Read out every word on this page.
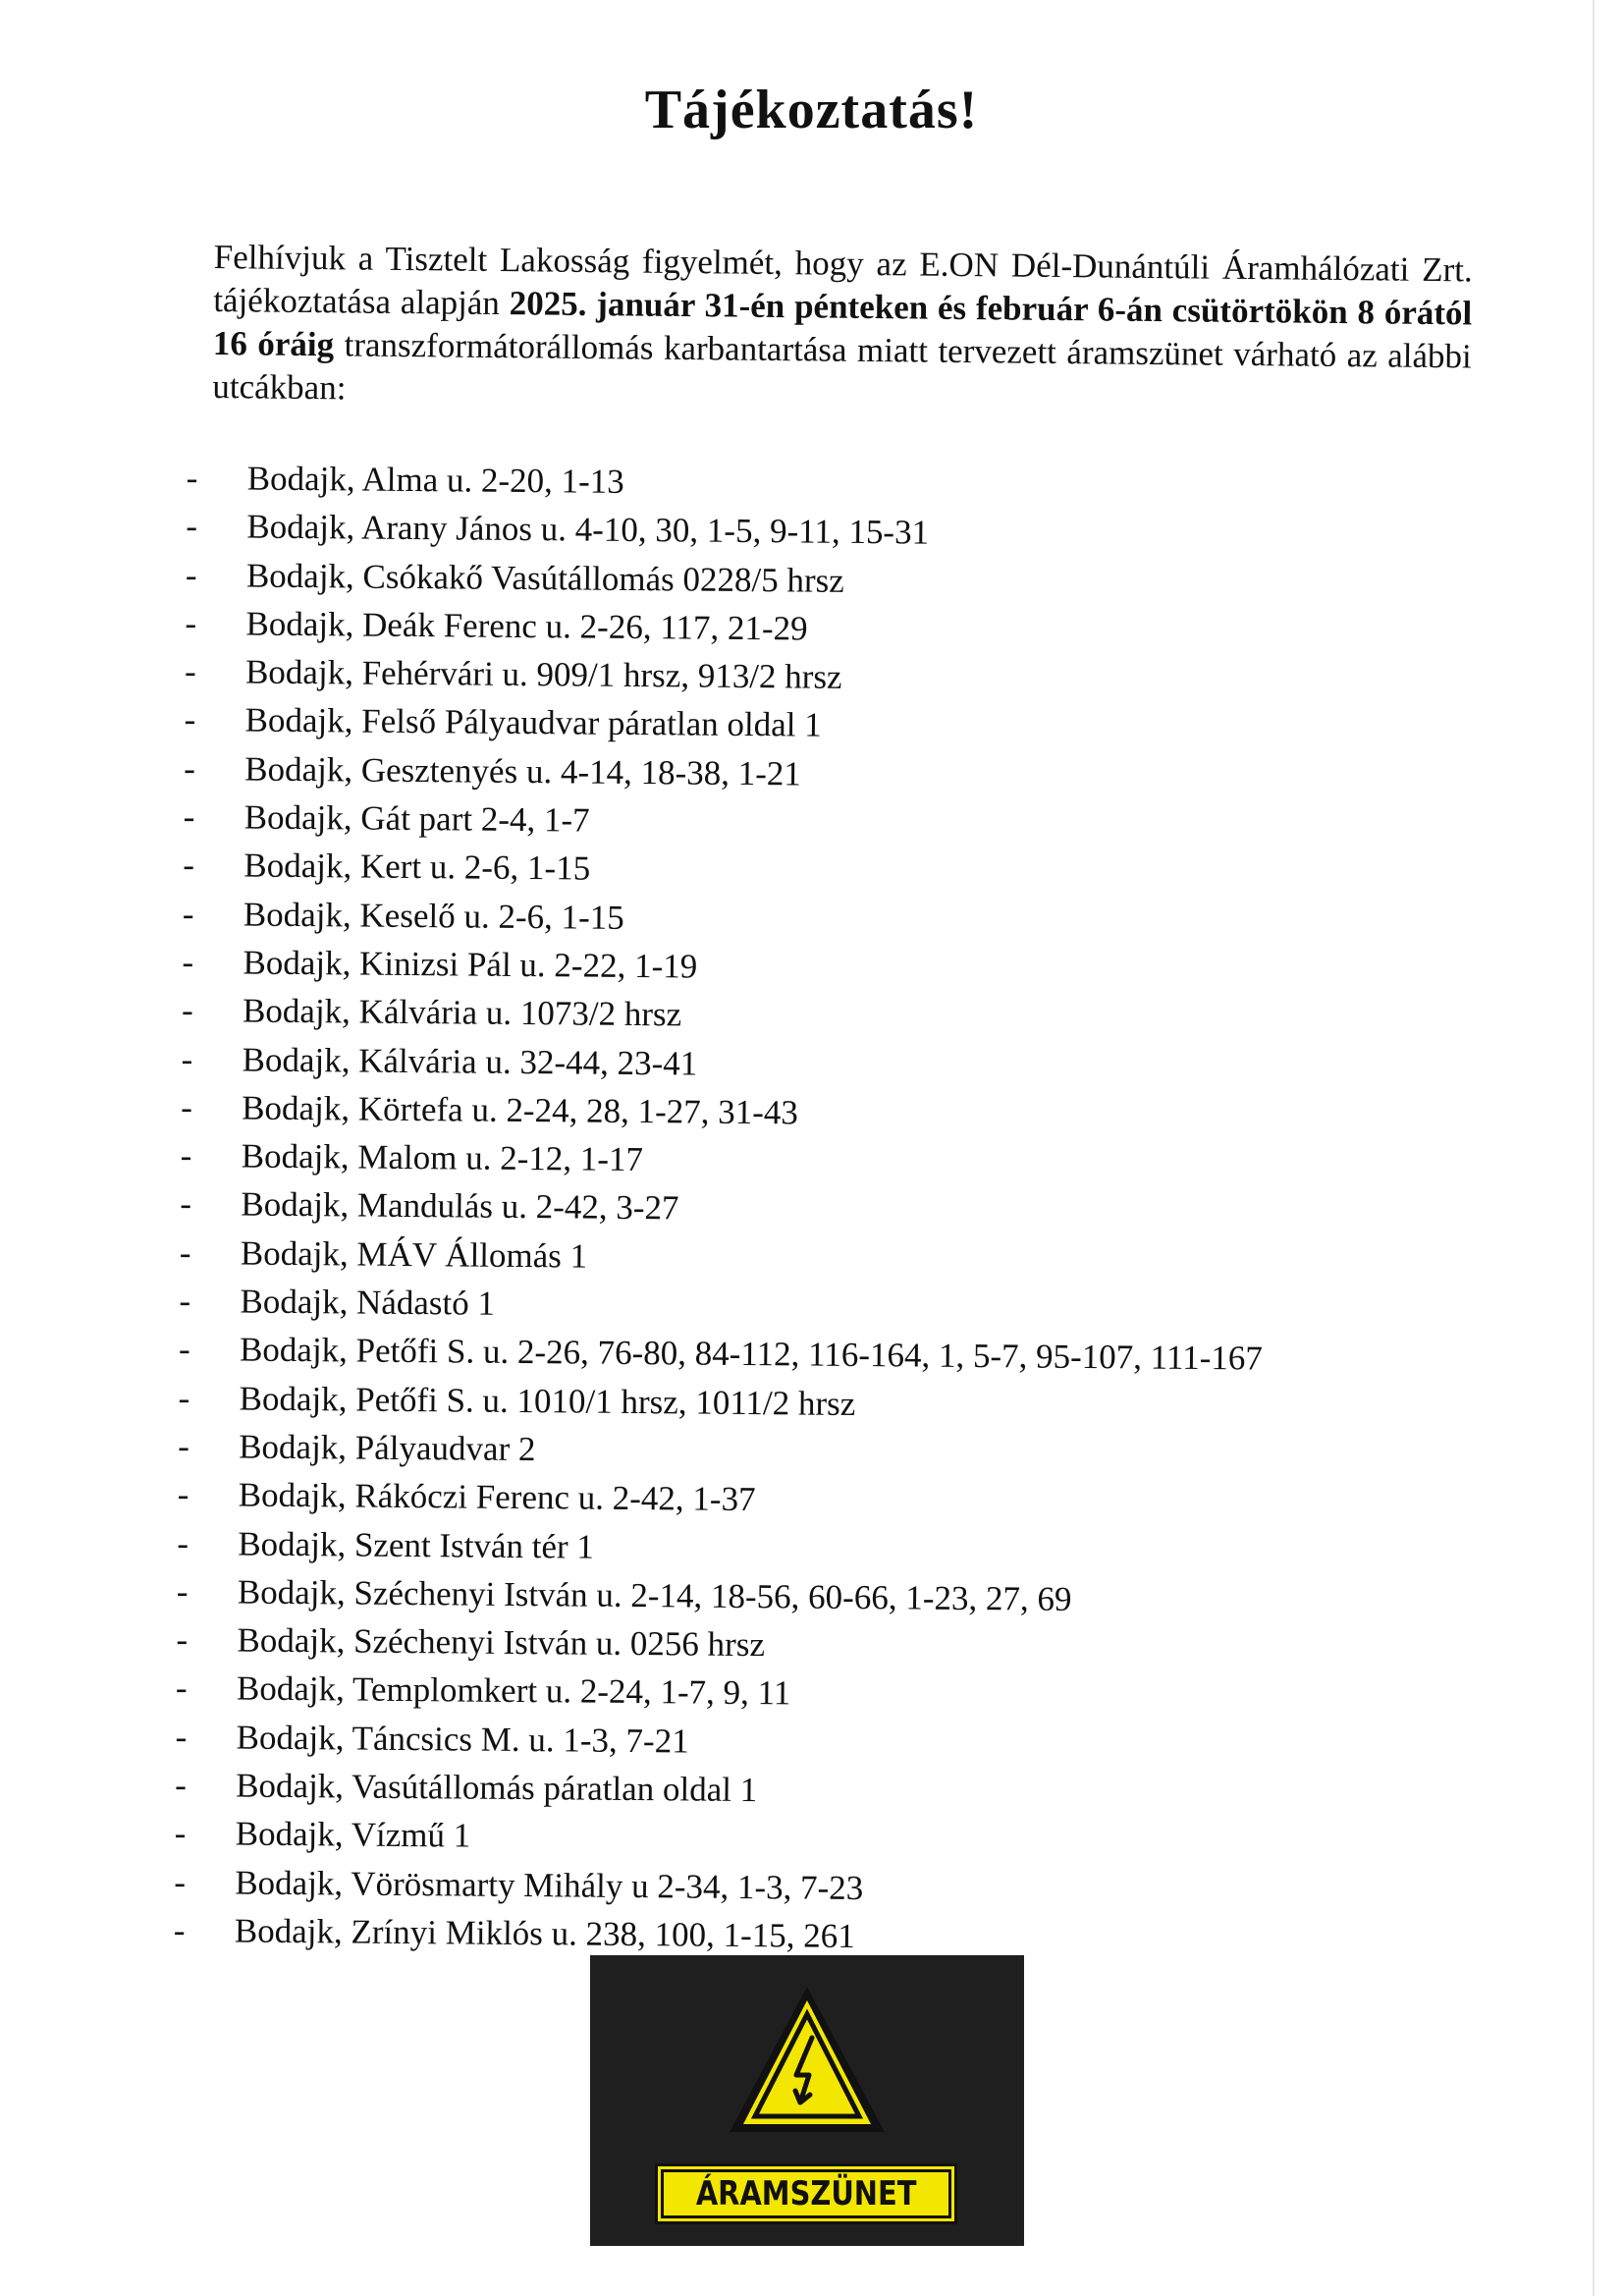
Tájékoztatás!

Felhívjuk a Tisztelt Lakosság figyelmét, hogy az E.ON Dél-Dunántúli Áramhálózati Zrt. tájékoztatása alapján 2025. január 31-én pénteken és február 6-án csütörtökön 8 órától 16 óráig transzformátorállomás karbantartása miatt tervezett áramszünet várható az alábbi utcákban:

-	Bodajk, Alma u. 2-20, 1-13
-	Bodajk, Arany János u. 4-10, 30, 1-5, 9-11, 15-31
-	Bodajk, Csókakő Vasútállomás 0228/5 hrsz
-	Bodajk, Deák Ferenc u. 2-26, 117, 21-29
-	Bodajk, Fehérvári u. 909/1 hrsz, 913/2 hrsz
-	Bodajk, Felső Pályaudvar páratlan oldal 1
-	Bodajk, Gesztenyés u. 4-14, 18-38, 1-21
-	Bodajk, Gát part 2-4, 1-7
-	Bodajk, Kert u. 2-6, 1-15
-	Bodajk, Keselő u. 2-6, 1-15
-	Bodajk, Kinizsi Pál u. 2-22, 1-19
-	Bodajk, Kálvária u. 1073/2 hrsz
-	Bodajk, Kálvária u. 32-44, 23-41
-	Bodajk, Körtefa u. 2-24, 28, 1-27, 31-43
-	Bodajk, Malom u. 2-12, 1-17
-	Bodajk, Mandulás u. 2-42, 3-27
-	Bodajk, MÁV Állomás 1
-	Bodajk, Nádastó 1
-	Bodajk, Petőfi S. u. 2-26, 76-80, 84-112, 116-164, 1, 5-7, 95-107, 111-167
-	Bodajk, Petőfi S. u. 1010/1 hrsz, 1011/2 hrsz
-	Bodajk, Pályaudvar 2
-	Bodajk, Rákóczi Ferenc u. 2-42, 1-37
-	Bodajk, Szent István tér 1
-	Bodajk, Széchenyi István u. 2-14, 18-56, 60-66, 1-23, 27, 69
-	Bodajk, Széchenyi István u. 0256 hrsz
-	Bodajk, Templomkert u. 2-24, 1-7, 9, 11
-	Bodajk, Táncsics M. u. 1-3, 7-21
-	Bodajk, Vasútállomás páratlan oldal 1
-	Bodajk, Vízmű 1
-	Bodajk, Vörösmarty Mihály u 2-34, 1-3, 7-23
-	Bodajk, Zrínyi Miklós u. 238, 100, 1-15, 261
ÁRAMSZÜNET
